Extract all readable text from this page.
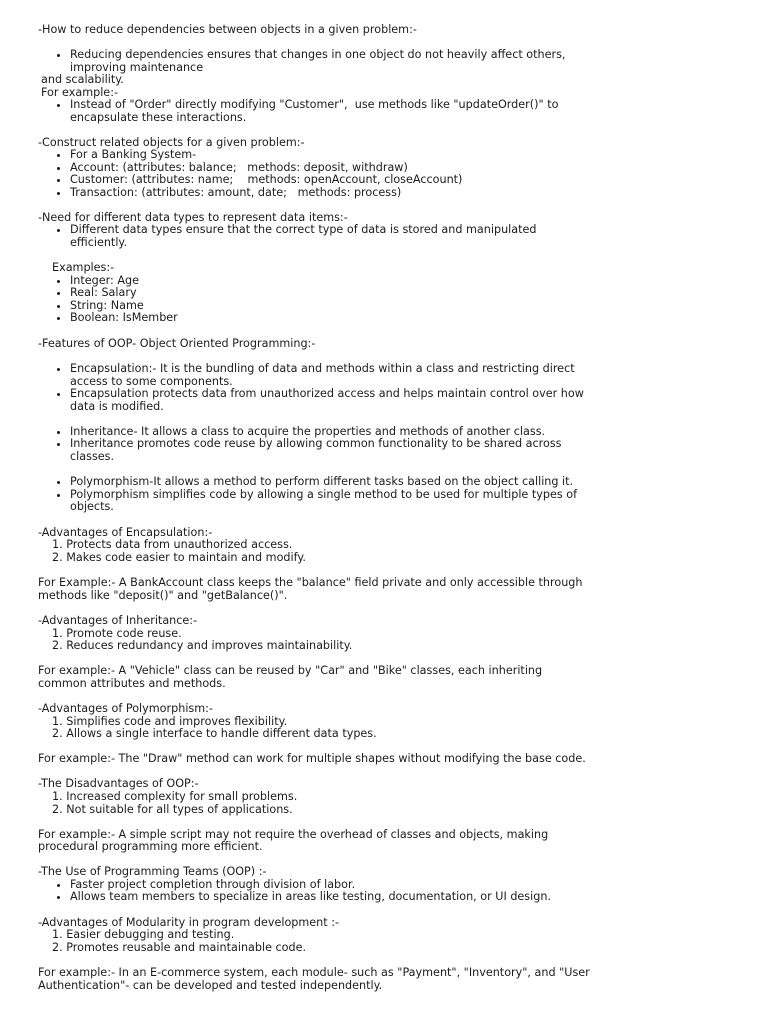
-How to reduce dependencies between objects in a given problem:-

Reducing dependencies ensures that changes in one object do not heavily affect others,

improving maintenance

and scalability.

For example:-

Instead of "Order" directly modifying "Customer",  use methods like "updateOrder()" to

encapsulate these interactions.

-Construct related objects for a given problem:-

For a Banking System-

Account: (attributes: balance;   methods: deposit, withdraw)

Customer: (attributes: name;    methods: openAccount, closeAccount)

Transaction: (attributes: amount, date;   methods: process)

-Need for different data types to represent data items:-

Different data types ensure that the correct type of data is stored and manipulated

efficiently.

Examples:-

Integer: Age

Real: Salary

String: Name

Boolean: IsMember

-Features of OOP- Object Oriented Programming:-

Encapsulation:- It is the bundling of data and methods within a class and restricting direct

access to some components.

Encapsulation protects data from unauthorized access and helps maintain control over how

data is modified.

Inheritance- It allows a class to acquire the properties and methods of another class.

Inheritance promotes code reuse by allowing common functionality to be shared across

classes.

Polymorphism-It allows a method to perform different tasks based on the object calling it.

Polymorphism simplifies code by allowing a single method to be used for multiple types of

objects.

-Advantages of Encapsulation:-

1. Protects data from unauthorized access.

2. Makes code easier to maintain and modify.

For Example:- A BankAccount class keeps the "balance" field private and only accessible through

methods like "deposit()" and "getBalance()".

-Advantages of Inheritance:-

1. Promote code reuse.

2. Reduces redundancy and improves maintainability.

For example:- A "Vehicle" class can be reused by "Car" and "Bike" classes, each inheriting

common attributes and methods.

-Advantages of Polymorphism:-

1. Simplifies code and improves flexibility.

2. Allows a single interface to handle different data types.

For example:- The "Draw" method can work for multiple shapes without modifying the base code.

-The Disadvantages of OOP:-

1. Increased complexity for small problems.

2. Not suitable for all types of applications.

For example:- A simple script may not require the overhead of classes and objects, making

procedural programming more efficient.

-The Use of Programming Teams (OOP) :-

Faster project completion through division of labor.

Allows team members to specialize in areas like testing, documentation, or UI design.

-Advantages of Modularity in program development :-

1. Easier debugging and testing.

2. Promotes reusable and maintainable code.

For example:- In an E-commerce system, each module- such as "Payment", "Inventory", and "User

Authentication"- can be developed and tested independently.
